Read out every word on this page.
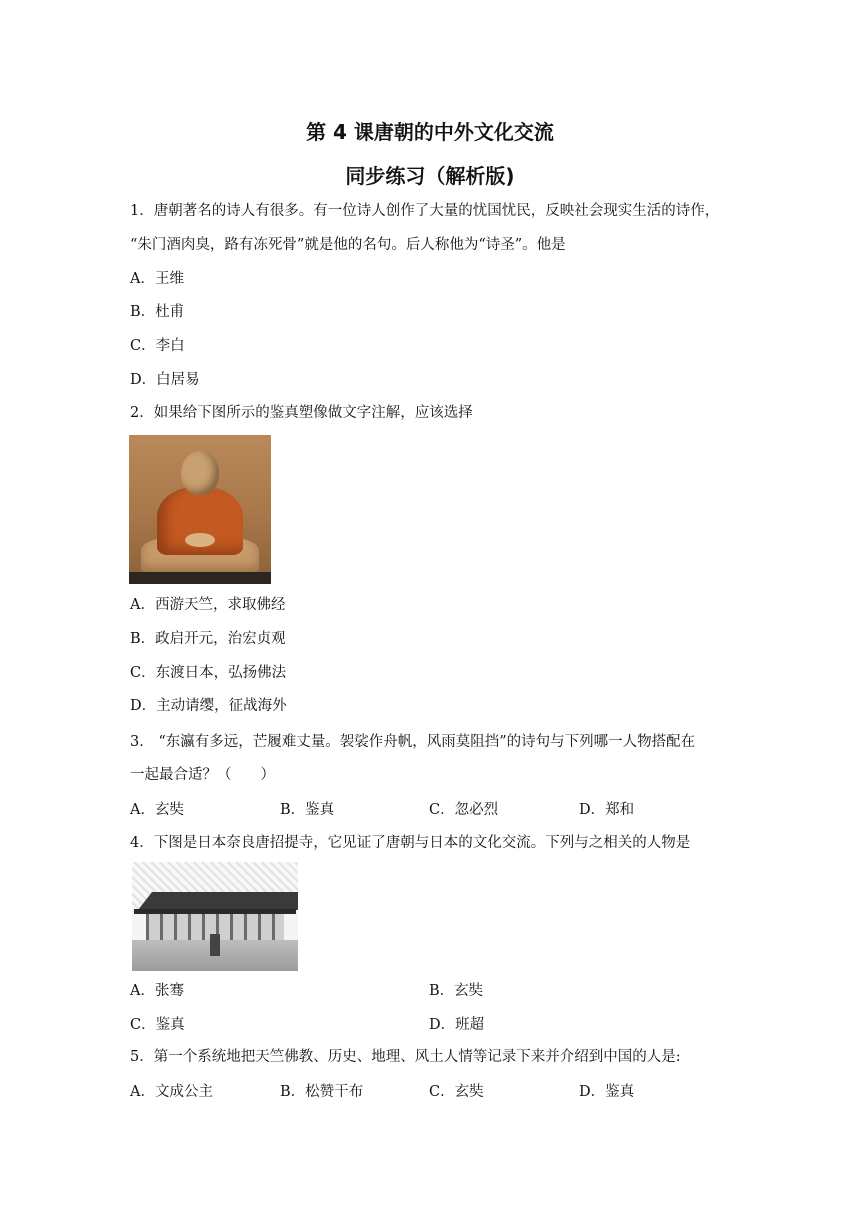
第 4 课唐朝的中外文化交流
同步练习（解析版)
1．唐朝著名的诗人有很多。有一位诗人创作了大量的忧国忧民，反映社会现实生活的诗作，
“朱门酒肉臭，路有冻死骨”就是他的名句。后人称他为“诗圣”。他是
A．王维
B．杜甫
C．李白
D．白居易
2．如果给下图所示的鉴真塑像做文字注解，应该选择
A．西游天竺，求取佛经
B．政启开元，治宏贞观
C．东渡日本，弘扬佛法
D．主动请缨，征战海外
3． “东瀛有多远，芒履难丈量。袈裟作舟帆，风雨莫阻挡”的诗句与下列哪一人物搭配在
一起最合适？（　　）
A．玄奘	B．鉴真	C．忽必烈	D．郑和
4．下图是日本奈良唐招提寺，它见证了唐朝与日本的文化交流。下列与之相关的人物是
A．张骞	B．玄奘
C．鉴真	D．班超
5．第一个系统地把天竺佛教、历史、地理、风土人情等记录下来并介绍到中国的人是:
A．文成公主	B．松赞干布	C．玄奘	D．鉴真
